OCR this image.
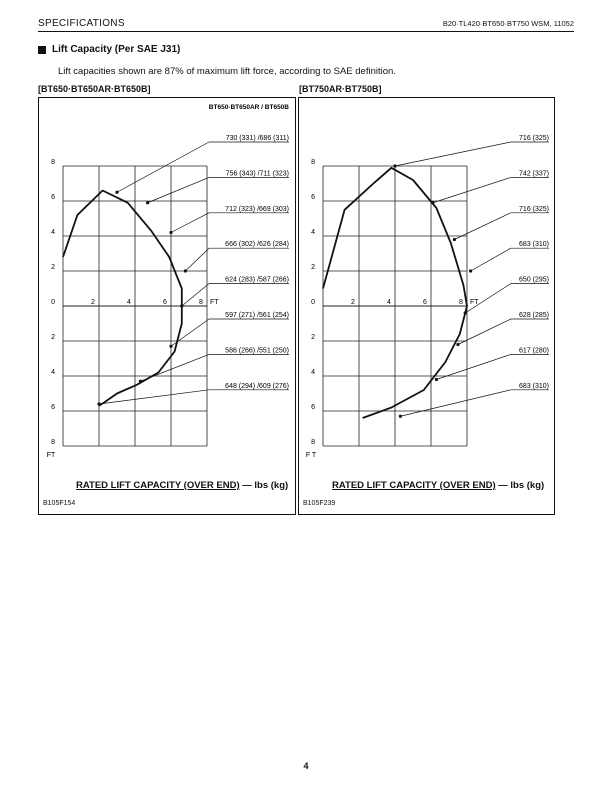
SPECIFICATIONS	B20·TL420·BT650·BT750 WSM, 11052
Lift Capacity (Per SAE J31)
Lift capacities shown are 87% of maximum lift force, according to SAE definition.
[BT650·BT650AR·BT650B]	[BT750AR·BT750B]
BT650·BT650AR / BT650B
8
6
4
2
0
2
4
6
8
FT
2	4	6	8 FT
730 (331) /686 (311)
756 (343) /711 (323)
712 (323) /669 (303)
666 (302) /626 (284)
624 (283) /587 (266)
597 (271) /561 (254)
586 (266) /551 (250)
648 (294) /609 (276)
8
6
4
2
0
2
4
6
8
F T
2	4	6	8 FT
716 (325)
742 (337)
716 (325)
683 (310)
650 (295)
628 (285)
617 (280)
683 (310)
RATED LIFT CAPACITY (OVER END) — lbs (kg)	RATED LIFT CAPACITY (OVER END) — lbs (kg)
B105F154	B105F239
4
